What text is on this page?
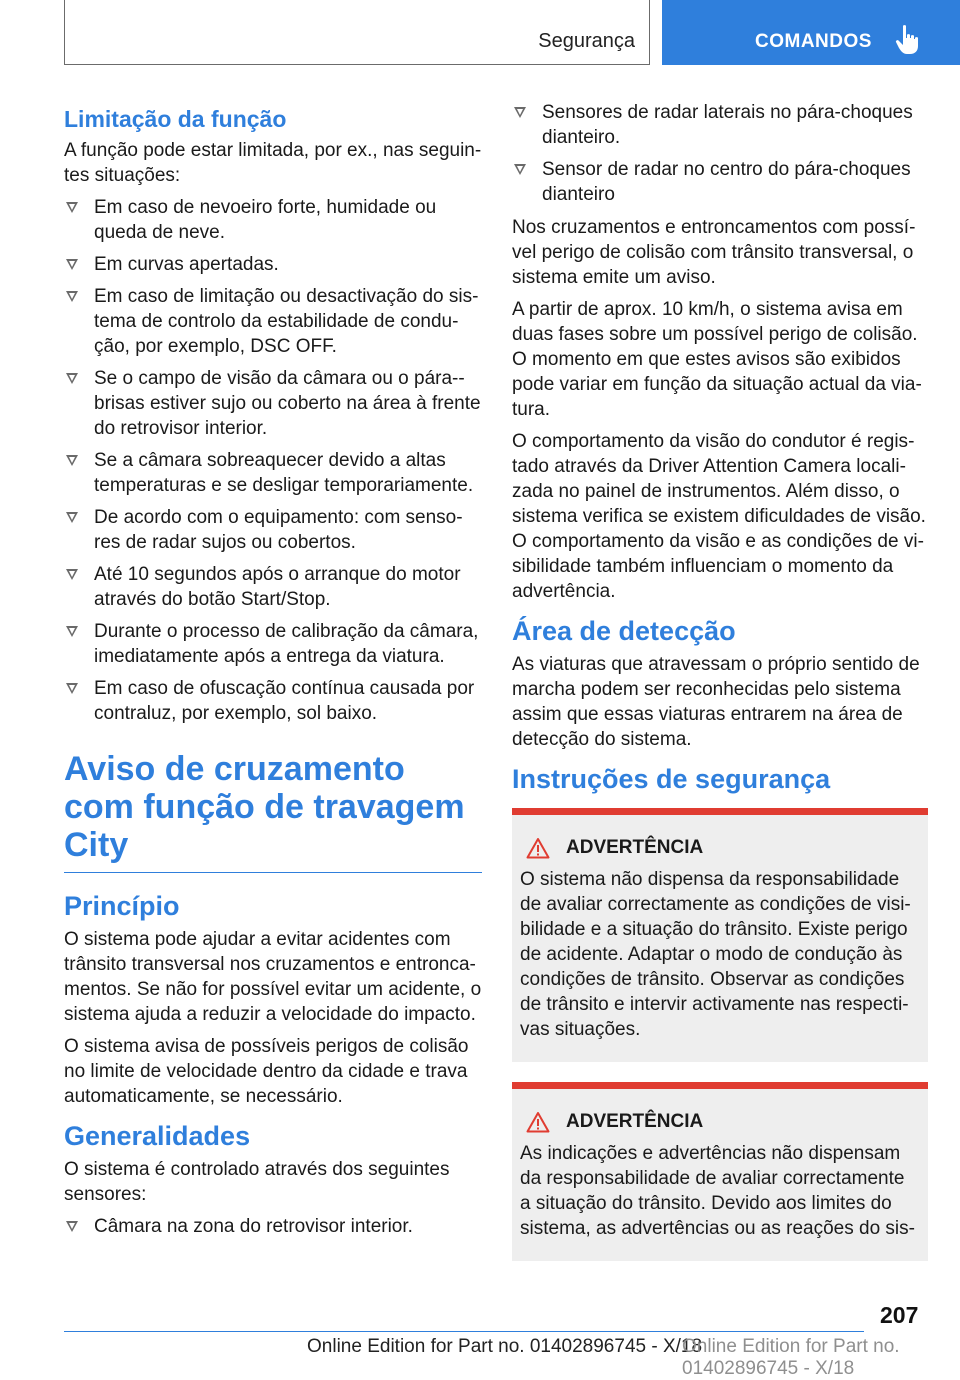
Segurança	COMANDOS
Limitação da função

A função pode estar limitada, por ex., nas seguintes situações:

Em caso de nevoeiro forte, humidade ou queda de neve.
Em curvas apertadas.
Em caso de limitação ou desactivação do sistema de controlo da estabilidade de condução, por exemplo, DSC OFF.
Se o campo de visão da câmara ou o pára-brisas estiver sujo ou coberto na área à frente do retrovisor interior.
Se a câmara sobreaquecer devido a altas temperaturas e se desligar temporariamente.
De acordo com o equipamento: com sensores de radar sujos ou cobertos.
Até 10 segundos após o arranque do motor através do botão Start/Stop.
Durante o processo de calibração da câmara, imediatamente após a entrega da viatura.
Em caso de ofuscação contínua causada por contraluz, por exemplo, sol baixo.
Aviso de cruzamento com função de travagem City
Princípio

O sistema pode ajudar a evitar acidentes com trânsito transversal nos cruzamentos e entroncamentos. Se não for possível evitar um acidente, o sistema ajuda a reduzir a velocidade do impacto.

O sistema avisa de possíveis perigos de colisão no limite de velocidade dentro da cidade e trava automaticamente, se necessário.

Generalidades

O sistema é controlado através dos seguintes sensores:

Câmara na zona do retrovisor interior.
Sensores de radar laterais no pára-choques dianteiro.
Sensor de radar no centro do pára-choques dianteiro

Nos cruzamentos e entroncamentos com possível perigo de colisão com trânsito transversal, o sistema emite um aviso.

A partir de aprox. 10 km/h, o sistema avisa em duas fases sobre um possível perigo de colisão. O momento em que estes avisos são exibidos pode variar em função da situação actual da viatura.

O comportamento da visão do condutor é registado através da Driver Attention Camera localizada no painel de instrumentos. Além disso, o sistema verifica se existem dificuldades de visão. O comportamento da visão e as condições de visibilidade também influenciam o momento da advertência.

Área de detecção

As viaturas que atravessam o próprio sentido de marcha podem ser reconhecidas pelo sistema assim que essas viaturas entrarem na área de detecção do sistema.

Instruções de segurança
ADVERTÊNCIA

O sistema não dispensa da responsabilidade de avaliar correctamente as condições de visibilidade e a situação do trânsito. Existe perigo de acidente. Adaptar o modo de condução às condições de trânsito. Observar as condições de trânsito e intervir activamente nas respectivas situações.

ADVERTÊNCIA

As indicações e advertências não dispensam da responsabilidade de avaliar correctamente a situação do trânsito. Devido aos limites do sistema, as advertências ou as reações do sis-

207
Online Edition for Part no. 01402896745 - X/18
Online Edition for Part no. 01402896745 - X/18
